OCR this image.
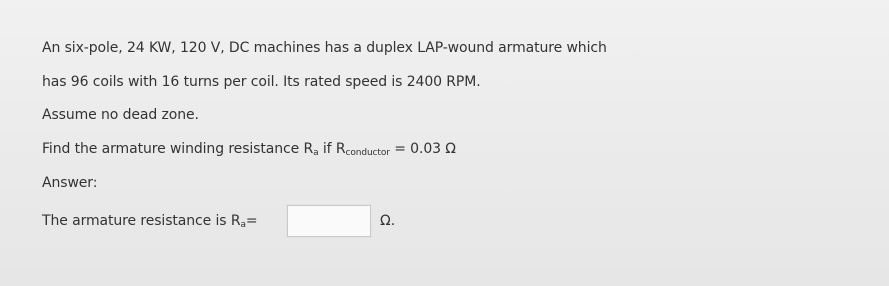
An six-pole, 24 KW, 120 V, DC machines has a duplex LAP-wound armature which
has 96 coils with 16 turns per coil. Its rated speed is 2400 RPM.
Assume no dead zone.
Find the armature winding resistance $R_a$ if $R_{conductor} = 0.03$ Ω
Answer:
The armature resistance is $R_a=$	Ω.
